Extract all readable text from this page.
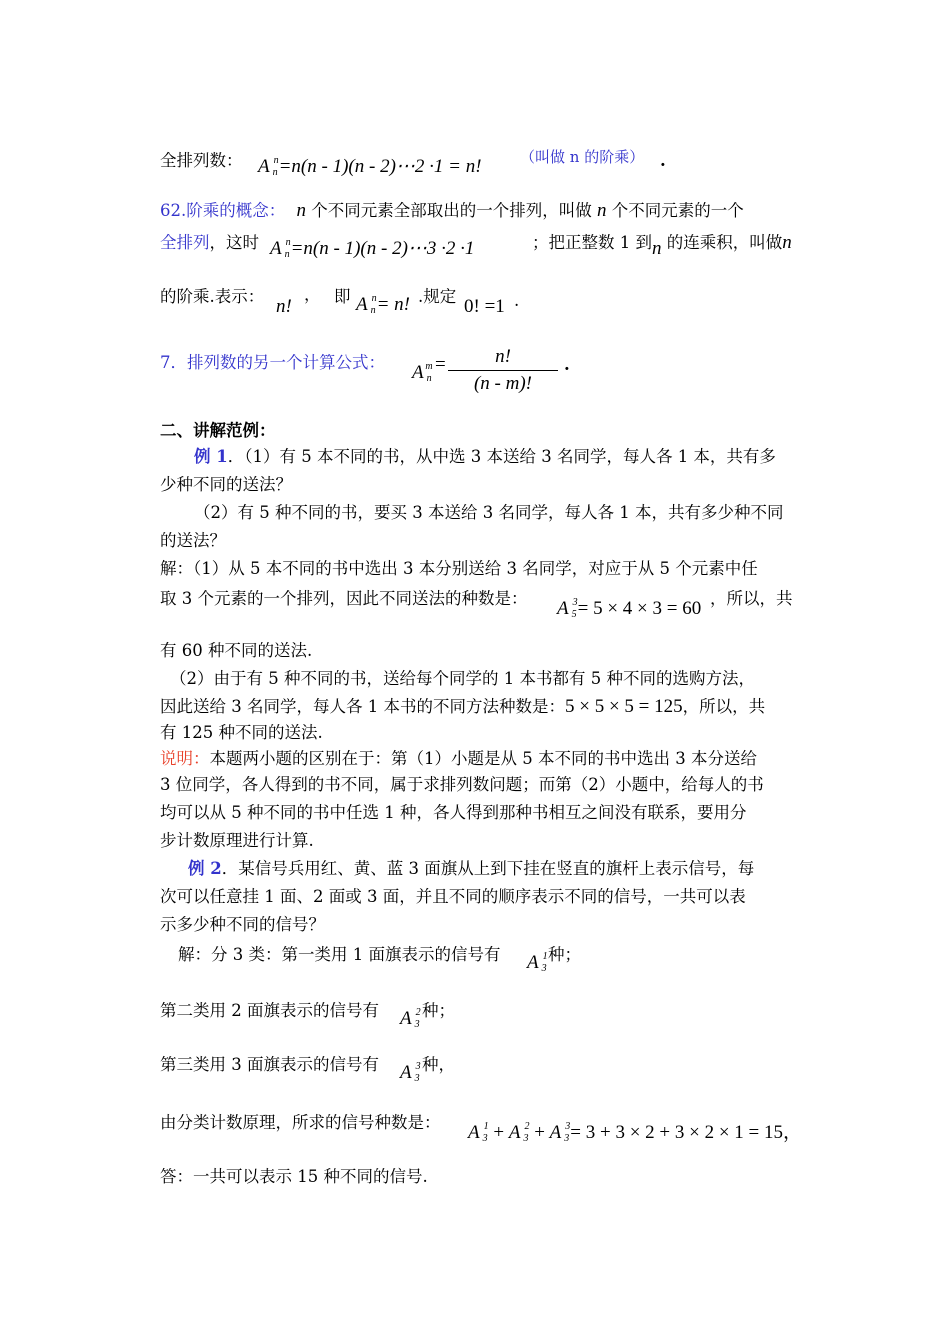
全排列数： A n
n =n(n - 1)(n - 2)⋯2 ·1 = n!	（叫做 n 的阶乘） .
62.阶乘的概念： n 个不同元素全部取出的一个排列，叫做 n 个不同元素的一个
全排列，这时 A n
n =n(n - 1)(n - 2)⋯3 ·2 ·1	；把正整数 1 到n 的连乘积，叫做n
的阶乘.表示： n!
， 即 A n
n = n! .规定 0! =1 .
7．排列数的另一个计算公式： A m
n
=	n!
(n - m)!
.
二、讲解范例：
例 1．（1）有 5 本不同的书，从中选 3 本送给 3 名同学，每人各 1 本，共有多
少种不同的送法？
（2）有 5 种不同的书，要买 3 本送给 3 名同学，每人各 1 本，共有多少种不同
的送法？
解：（1）从 5 本不同的书中选出 3 本分别送给 3 名同学，对应于从 5 个元素中任
取 3 个元素的一个排列，因此不同送法的种数是： A 3
5 = 5 × 4 × 3 = 60 ，所以，共
有 60 种不同的送法.
（2）由于有 5 种不同的书，送给每个同学的 1 本书都有 5 种不同的选购方法，
因此送给 3 名同学，每人各 1 本书的不同方法种数是：5 × 5 × 5 = 125，所以，共
有 125 种不同的送法.
说明：本题两小题的区别在于：第（1）小题是从 5 本不同的书中选出 3 本分送给
3 位同学，各人得到的书不同，属于求排列数问题；而第（2）小题中，给每人的书
均可以从 5 种不同的书中任选 1 种，各人得到那种书相互之间没有联系，要用分
步计数原理进行计算.
例 2．某信号兵用红、黄、蓝 3 面旗从上到下挂在竖直的旗杆上表示信号，每
次可以任意挂 1 面、2 面或 3 面，并且不同的顺序表示不同的信号，一共可以表
示多少种不同的信号？
解：分 3 类：第一类用 1 面旗表示的信号有 A 1
3
种；
第二类用 2 面旗表示的信号有 A 2
3
种；
第三类用 3 面旗表示的信号有 A 3
3
种，
由分类计数原理，所求的信号种数是： A 1
3 + A 2
3 + A 3
3 = 3 + 3 × 2 + 3 × 2 × 1 = 15，
答：一共可以表示 15 种不同的信号.
